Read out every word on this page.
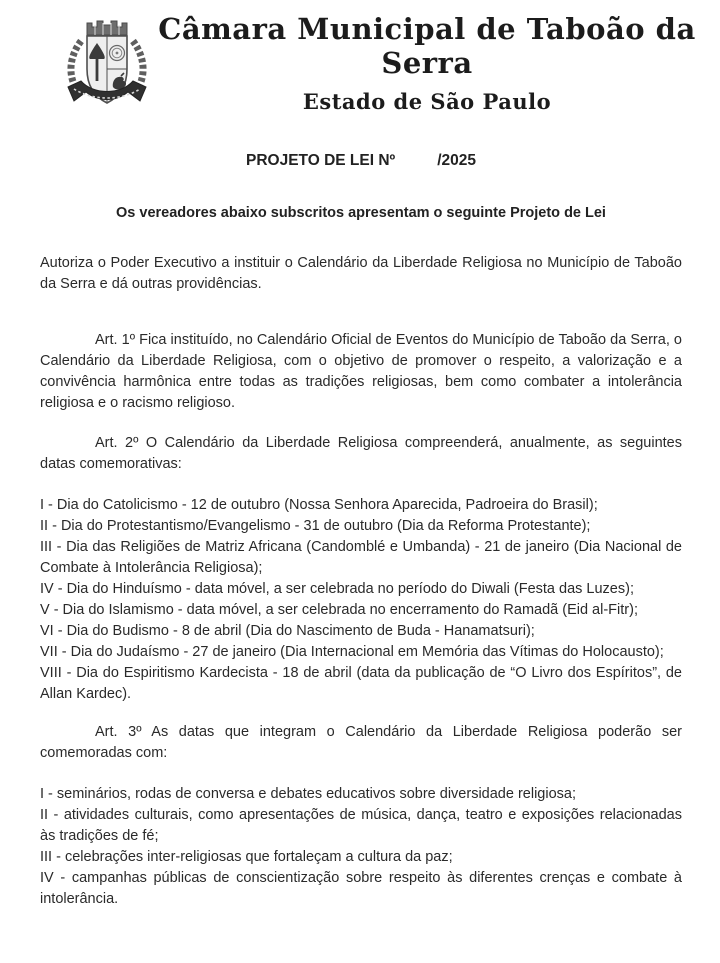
Câmara Municipal de Taboão da Serra
Estado de São Paulo
PROJETO DE LEI Nº	/2025

Os vereadores abaixo subscritos apresentam o seguinte Projeto de Lei

Autoriza o Poder Executivo a instituir o Calendário da Liberdade Religiosa no Município de Taboão da Serra e dá outras providências.

Art. 1º Fica instituído, no Calendário Oficial de Eventos do Município de Taboão da Serra, o Calendário da Liberdade Religiosa, com o objetivo de promover o respeito, a valorização e a convivência harmônica entre todas as tradições religiosas, bem como combater a intolerância religiosa e o racismo religioso.

Art. 2º O Calendário da Liberdade Religiosa compreenderá, anualmente, as seguintes datas comemorativas:

I - Dia do Catolicismo - 12 de outubro (Nossa Senhora Aparecida, Padroeira do Brasil);

II - Dia do Protestantismo/Evangelismo - 31 de outubro (Dia da Reforma Protestante);

III - Dia das Religiões de Matriz Africana (Candomblé e Umbanda) - 21 de janeiro (Dia Nacional de Combate à Intolerância Religiosa);

IV - Dia do Hinduísmo - data móvel, a ser celebrada no período do Diwali (Festa das Luzes);

V - Dia do Islamismo - data móvel, a ser celebrada no encerramento do Ramadã (Eid al-Fitr);

VI - Dia do Budismo - 8 de abril (Dia do Nascimento de Buda - Hanamatsuri);

VII - Dia do Judaísmo - 27 de janeiro (Dia Internacional em Memória das Vítimas do Holocausto);

VIII - Dia do Espiritismo Kardecista - 18 de abril (data da publicação de “O Livro dos Espíritos”, de Allan Kardec).

Art. 3º As datas que integram o Calendário da Liberdade Religiosa poderão ser comemoradas com:

I - seminários, rodas de conversa e debates educativos sobre diversidade religiosa;

II - atividades culturais, como apresentações de música, dança, teatro e exposições relacionadas às tradições de fé;

III - celebrações inter-religiosas que fortaleçam a cultura da paz;

IV - campanhas públicas de conscientização sobre respeito às diferentes crenças e combate à intolerância.
